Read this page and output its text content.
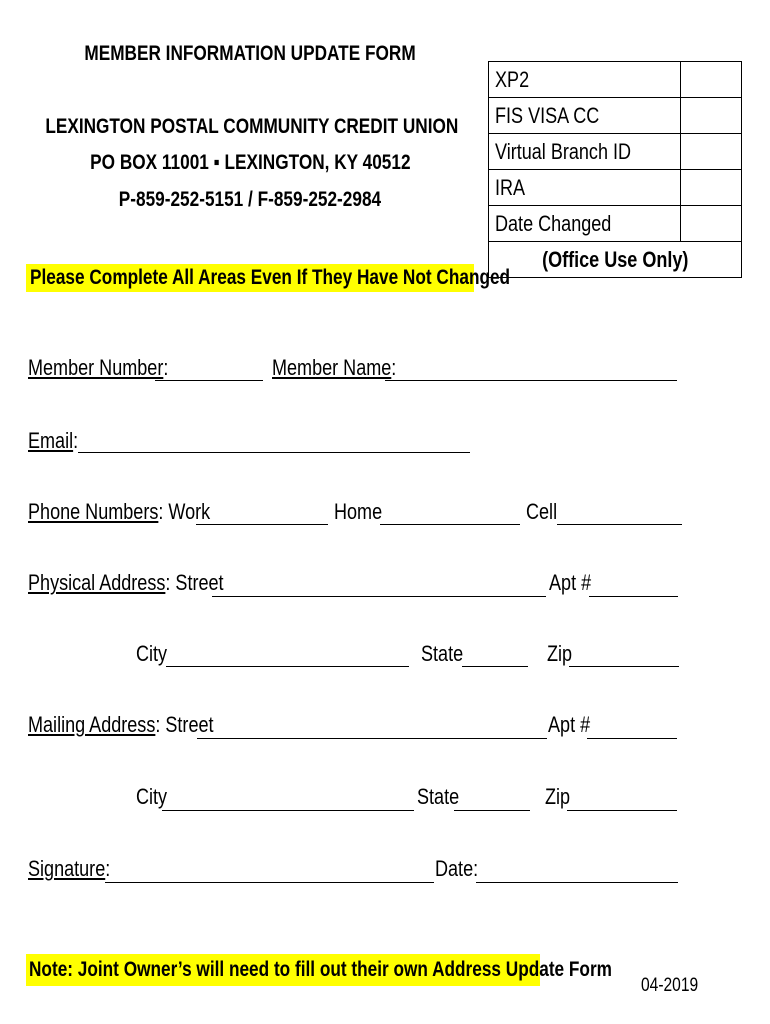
MEMBER INFORMATION UPDATE FORM
LEXINGTON POSTAL COMMUNITY CREDIT UNION
PO BOX 11001 ▪ LEXINGTON, KY 40512
P-859-252-5151 / F-859-252-2984
XP2	
FIS VISA CC	
Virtual Branch ID	
IRA	
Date Changed	
(Office Use Only)	
Please Complete All Areas Even If They Have Not Changed
Member Number:	Member Name:
Email:
Phone Numbers: Work	Home	Cell
Physical Address: Street	Apt #
City	State	Zip
Mailing Address: Street	Apt #
City	State	Zip
Signature:	Date:
Note: Joint Owner’s will need to fill out their own Address Update Form
04-2019
